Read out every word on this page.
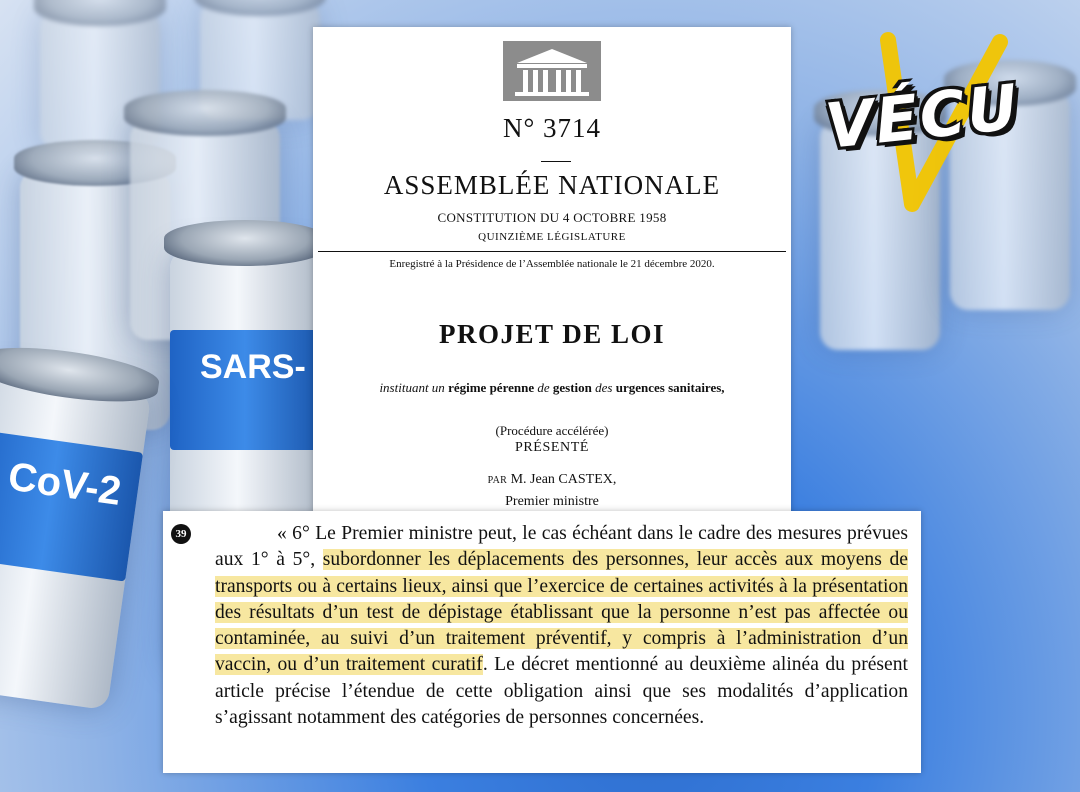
SARS-
CoV-2
N° 3714
ASSEMBLÉE NATIONALE
CONSTITUTION DU 4 OCTOBRE 1958
QUINZIÈME LÉGISLATURE
Enregistré à la Présidence de l’Assemblée nationale le 21 décembre 2020.
PROJET DE LOI
instituant un régime pérenne de gestion des urgences sanitaires,
(Procédure accélérée)
PRÉSENTÉ
PAR M. Jean CASTEX,
Premier ministre
39	« 6° Le Premier ministre peut, le cas échéant dans le cadre des mesures prévues aux 1° à 5°, subordonner les déplacements des personnes, leur accès aux moyens de transports ou à certains lieux, ainsi que l’exercice de certaines activités à la présentation des résultats d’un test de dépistage établissant que la personne n’est pas affectée ou contaminée, au suivi d’un traitement préventif, y compris à l’administration d’un vaccin, ou d’un traitement curatif. Le décret mentionné au deuxième alinéa du présent article précise l’étendue de cette obligation ainsi que ses modalités d’application s’agissant notamment des catégories de personnes concernées.
VÉCU
